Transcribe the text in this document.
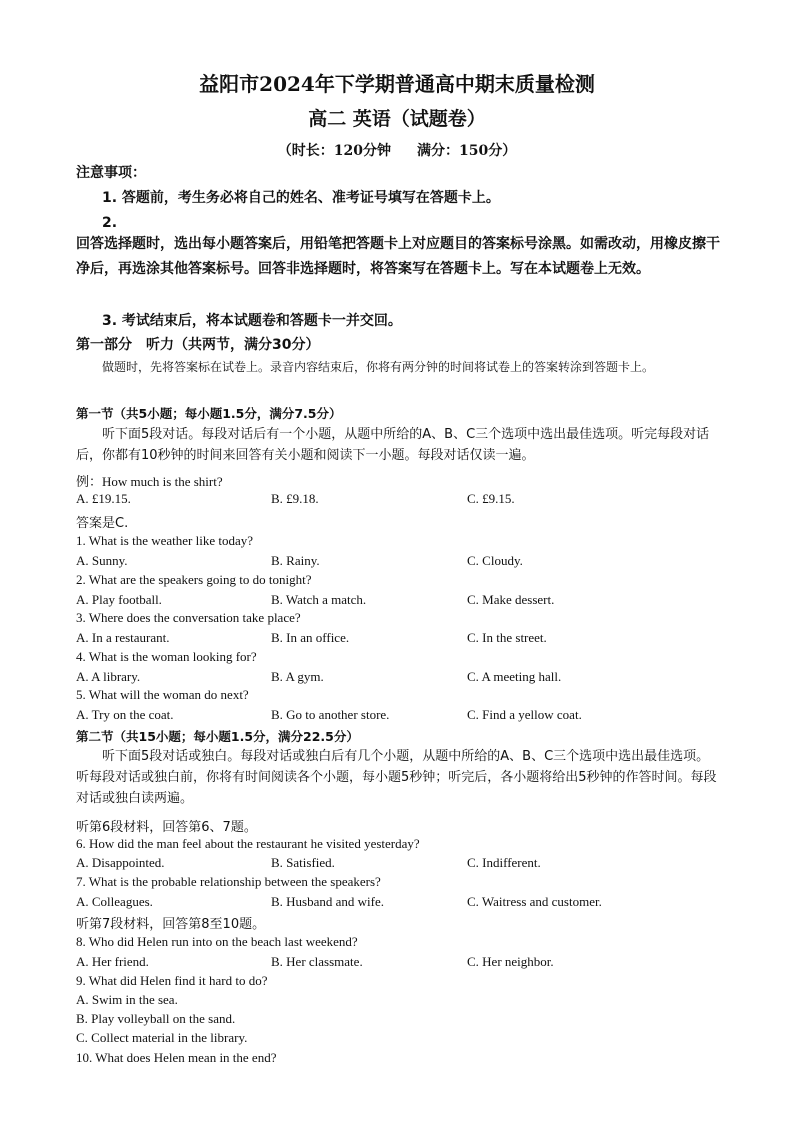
益阳市2024年下学期普通高中期末质量检测
高二 英语（试题卷）
（时长：120分钟 满分：150分）
注意事项：
1. 答题前，考生务必将自己的姓名、准考证号填写在答题卡上。
2.
回答选择题时，选出每小题答案后，用铅笔把答题卡上对应题目的答案标号涂黑。如需改动，用橡皮擦干净后，再选涂其他答案标号。回答非选择题时，将答案写在答题卡上。写在本试题卷上无效。
3. 考试结束后，将本试题卷和答题卡一并交回。
第一部分　听力（共两节，满分30分）
做题时，先将答案标在试卷上。录音内容结束后，你将有两分钟的时间将试卷上的答案转涂到答题卡上。
第一节（共5小题；每小题1.5分，满分7.5分）
听下面5段对话。每段对话后有一个小题，从题中所给的A、B、C三个选项中选出最佳选项。听完每段对话后，你都有10秒钟的时间来回答有关小题和阅读下一小题。每段对话仅读一遍。
例：How much is the shirt?
A. £19.15.	B. £9.18.	C. £9.15.
答案是C.
1. What is the weather like today?
A. Sunny.	B. Rainy.	C. Cloudy.
2. What are the speakers going to do tonight?
A. Play football.	B. Watch a match.	C. Make dessert.
3. Where does the conversation take place?
A. In a restaurant.	B. In an office.	C. In the street.
4. What is the woman looking for?
A. A library.	B. A gym.	C. A meeting hall.
5. What will the woman do next?
A. Try on the coat.	B. Go to another store.	C. Find a yellow coat.
第二节（共15小题；每小题1.5分，满分22.5分）
听下面5段对话或独白。每段对话或独白后有几个小题，从题中所给的A、B、C三个选项中选出最佳选项。听每段对话或独白前，你将有时间阅读各个小题，每小题5秒钟；听完后，各小题将给出5秒钟的作答时间。每段对话或独白读两遍。
听第6段材料，回答第6、7题。
6. How did the man feel about the restaurant he visited yesterday?
A. Disappointed.	B. Satisfied.	C. Indifferent.
7. What is the probable relationship between the speakers?
A. Colleagues.	B. Husband and wife.	C. Waitress and customer.
听第7段材料，回答第8至10题。
8. Who did Helen run into on the beach last weekend?
A. Her friend.	B. Her classmate.	C. Her neighbor.
9. What did Helen find it hard to do?
A. Swim in the sea.
B. Play volleyball on the sand.
C. Collect material in the library.
10. What does Helen mean in the end?
